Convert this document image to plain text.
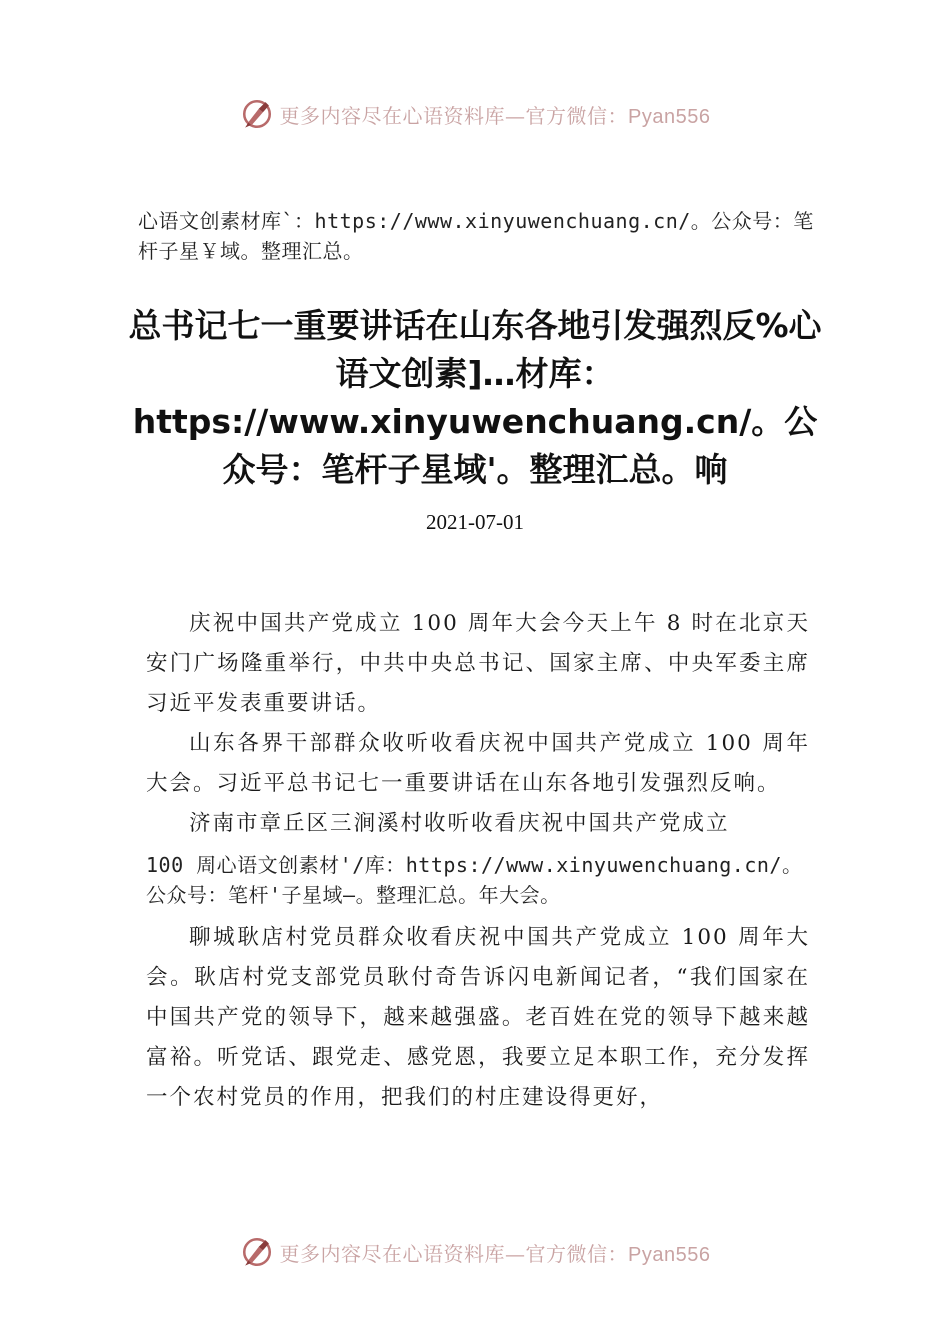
更多内容尽在心语资料库—官方微信：Pyan556
心语文创素材库`：https://www.xinyuwenchuang.cn/。公众号：笔杆子星￥域。整理汇总。
总书记七一重要讲话在山东各地引发强烈反%心语文创素]…材库：https://www.xinyuwenchuang.cn/。公众号：笔杆子星域'。整理汇总。响
2021-07-01

庆祝中国共产党成立 100 周年大会今天上午 8 时在北京天安门广场隆重举行，中共中央总书记、国家主席、中央军委主席习近平发表重要讲话。

山东各界干部群众收听收看庆祝中国共产党成立 100 周年大会。习近平总书记七一重要讲话在山东各地引发强烈反响。

济南市章丘区三涧溪村收听收看庆祝中国共产党成立

100 周心语文创素材'/库：https://www.xinyuwenchuang.cn/。公众号：笔杆'子星域—。整理汇总。年大会。

聊城耿店村党员群众收看庆祝中国共产党成立 100 周年大会。耿店村党支部党员耿付奇告诉闪电新闻记者，“我们国家在中国共产党的领导下，越来越强盛。老百姓在党的领导下越来越富裕。听党话、跟党走、感党恩，我要立足本职工作，充分发挥一个农村党员的作用，把我们的村庄建设得更好，

更多内容尽在心语资料库—官方微信：Pyan556
